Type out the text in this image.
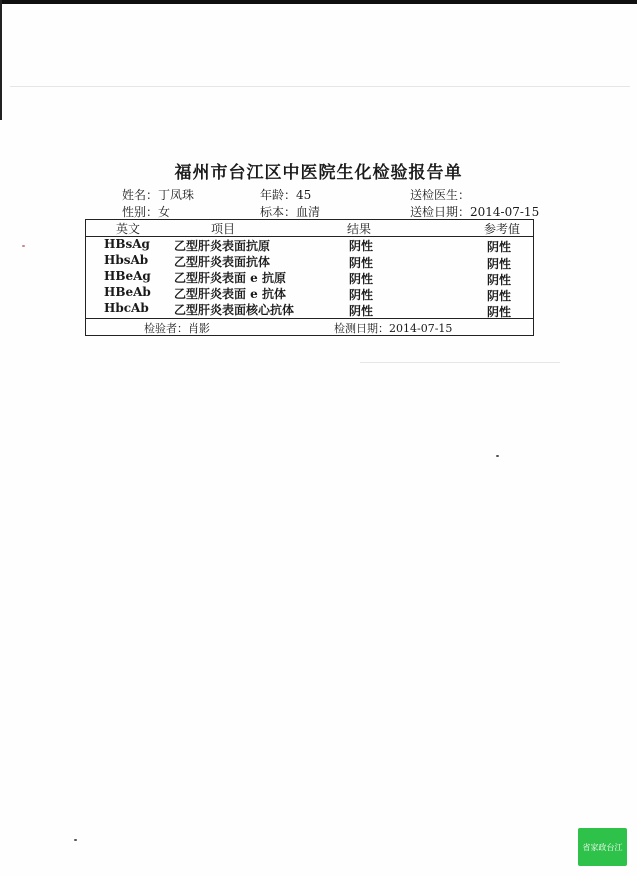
福州市台江区中医院生化检验报告单
姓名：丁凤珠	年龄：45	送检医生：
性别：女	标本：血清	送检日期：2014-07-15
英文	项目	结果	参考值
HBsAg 乙型肝炎表面抗原	阴性	阴性
HbsAb 乙型肝炎表面抗体	阴性	阴性
HBeAg 乙型肝炎表面 e 抗原	阴性	阴性
HBeAb 乙型肝炎表面 e 抗体	阴性	阴性
HbcAb 乙型肝炎表面核心抗体	阴性	阴性
检验者：肖影	检测日期：2014-07-15
省家政台江
